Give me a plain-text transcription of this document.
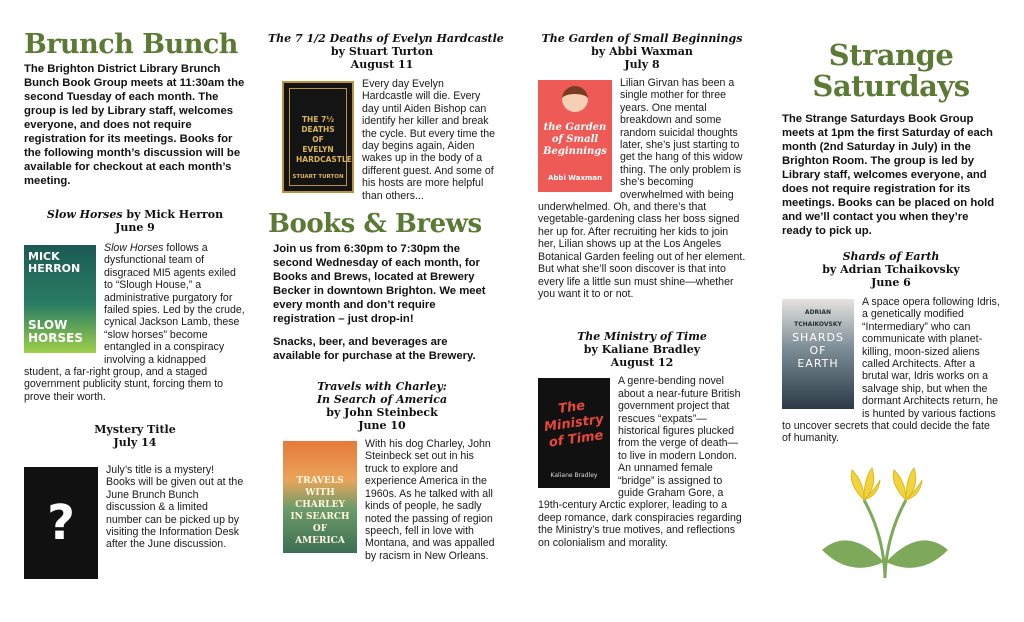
Brunch Bunch

The Brighton District Library Brunch Bunch Book Group meets at 11:30am the second Tuesday of each month. The group is led by Library staff, welcomes everyone, and does not require registration for its meetings. Books for the following month’s discussion will be available for checkout at each month’s meeting.

Slow Horses by Mick Herron
June 9
MICK HERRON
SLOW HORSES
Slow Horses follows a dysfunctional team of disgraced MI5 agents exiled to “Slough House,” a administrative purgatory for failed spies. Led by the crude, cynical Jackson Lamb, these “slow horses” become entangled in a conspiracy involving a kidnapped student, a far-right group, and a staged government publicity stunt, forcing them to prove their worth.
Mystery Title
July 14
?
July’s title is a mystery! Books will be given out at the June Brunch Bunch discussion & a limited number can be picked up by visiting the Information Desk after the June discussion.
The 7 1/2 Deaths of Evelyn Hardcastle
by Stuart Turton
August 11
THE 7½ DEATHS OF EVELYN HARDCASTLE
STUART TURTON
Every day Evelyn Hardcastle will die. Every day until Aiden Bishop can identify her killer and break the cycle. But every time the day begins again, Aiden wakes up in the body of a different guest. And some of his hosts are more helpful than others...
Books & Brews

Join us from 6:30pm to 7:30pm the second Wednesday of each month, for Books and Brews, located at Brewery Becker in downtown Brighton. We meet every month and don’t require registration – just drop-in!

Snacks, beer, and beverages are available for purchase at the Brewery.

Travels with Charley:
In Search of America
by John Steinbeck
June 10
TRAVELS WITH CHARLEY IN SEARCH OF AMERICA
With his dog Charley, John Steinbeck set out in his truck to explore and experience America in the 1960s. As he talked with all kinds of people, he sadly noted the passing of region speech, fell in love with Montana, and was appalled by racism in New Orleans.
The Garden of Small Beginnings
by Abbi Waxman
July 8
the Garden of Small Beginnings
Abbi Waxman
Lilian Girvan has been a single mother for three years. One mental breakdown and some random suicidal thoughts later, she’s just starting to get the hang of this widow thing. The only problem is she’s becoming overwhelmed with being underwhelmed. Oh, and there’s that vegetable-gardening class her boss signed her up for. After recruiting her kids to join her, Lilian shows up at the Los Angeles Botanical Garden feeling out of her element. But what she’ll soon discover is that into every life a little sun must shine—whether you want it to or not.
The Ministry of Time
by Kaliane Bradley
August 12
The Ministry of Time
Kaliane Bradley
A genre-bending novel about a near-future British government project that rescues “expats”—historical figures plucked from the verge of death—to live in modern London. An unnamed female “bridge” is assigned to guide Graham Gore, a 19th-century Arctic explorer, leading to a deep romance, dark conspiracies regarding the Ministry’s true motives, and reflections on colonialism and morality.
Strange
Saturdays

The Strange Saturdays Book Group meets at 1pm the first Saturday of each month (2nd Saturday in July) in the Brighton Room. The group is led by Library staff, welcomes everyone, and does not require registration for its meetings. Books can be placed on hold and we’ll contact you when they’re ready to pick up.

Shards of Earth
by Adrian Tchaikovsky
June 6
ADRIAN TCHAIKOVSKY
SHARDS OF EARTH
A space opera following Idris, a genetically modified “Intermediary” who can communicate with planet-killing, moon-sized aliens called Architects. After a brutal war, Idris works on a salvage ship, but when the dormant Architects return, he is hunted by various factions to uncover secrets that could decide the fate of humanity.
